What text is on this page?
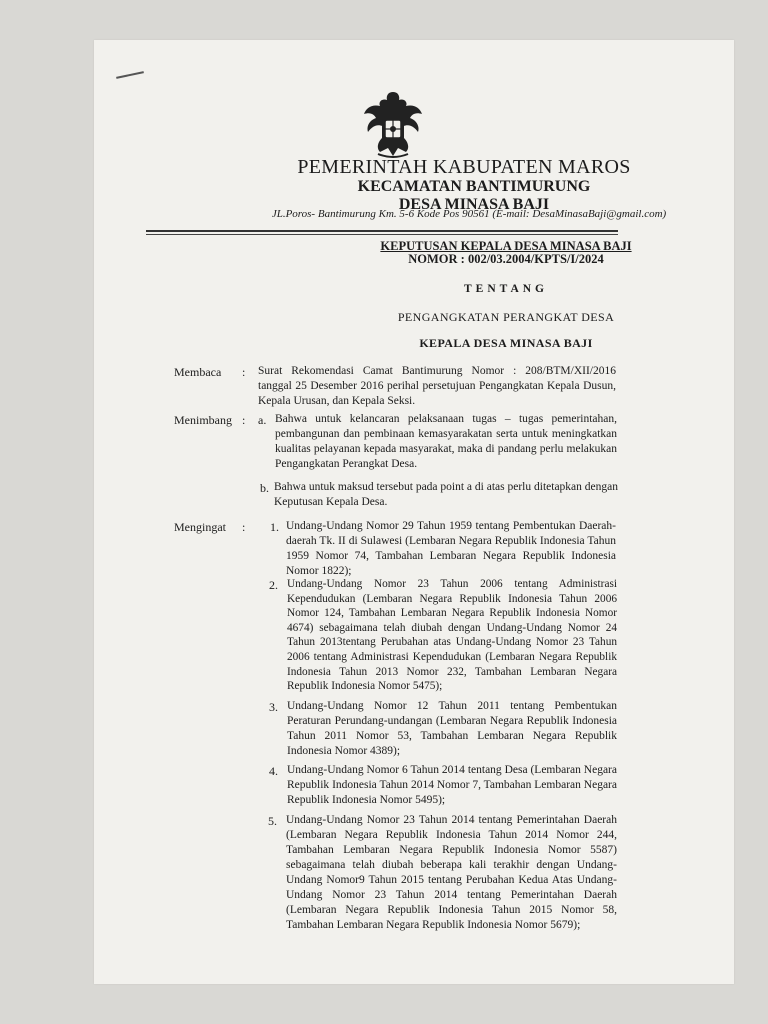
PEMERINTAH KABUPATEN MAROS
KECAMATAN BANTIMURUNG
DESA MINASA BAJI
JL.Poros- Bantimurung Km. 5-6 Kode Pos 90561 (E-mail: DesaMinasaBaji@gmail.com)
KEPUTUSAN KEPALA DESA MINASA BAJI
NOMOR : 002/03.2004/KPTS/I/2024
TENTANG
PENGANGKATAN PERANGKAT DESA
KEPALA DESA MINASA BAJI
Membaca : Surat Rekomendasi Camat Bantimurung Nomor : 208/BTM/XII/2016 tanggal 25 Desember 2016 perihal persetujuan Pengangkatan Kepala Dusun, Kepala Urusan, dan Kepala Seksi.
Menimbang : a. Bahwa untuk kelancaran pelaksanaan tugas – tugas pemerintahan, pembangunan dan pembinaan kemasyarakatan serta untuk meningkatkan kualitas pelayanan kepada masyarakat, maka di pandang perlu melakukan Pengangkatan Perangkat Desa.
b. Bahwa untuk maksud tersebut pada point a di atas perlu ditetapkan dengan Keputusan Kepala Desa.
Mengingat : 1. Undang-Undang Nomor 29 Tahun 1959 tentang Pembentukan Daerah-daerah Tk. II di Sulawesi (Lembaran Negara Republik Indonesia Tahun 1959 Nomor 74, Tambahan Lembaran Negara Republik Indonesia Nomor 1822);
2. Undang-Undang Nomor 23 Tahun 2006 tentang Administrasi Kependudukan (Lembaran Negara Republik Indonesia Tahun 2006 Nomor 124, Tambahan Lembaran Negara Republik Indonesia Nomor 4674) sebagaimana telah diubah dengan Undang-Undang Nomor 24 Tahun 2013tentang Perubahan atas Undang-Undang Nomor 23 Tahun 2006 tentang Administrasi Kependudukan (Lembaran Negara Republik Indonesia Tahun 2013 Nomor 232, Tambahan Lembaran Negara Republik Indonesia Nomor 5475);
3. Undang-Undang Nomor 12 Tahun 2011 tentang Pembentukan Peraturan Perundang-undangan (Lembaran Negara Republik Indonesia Tahun 2011 Nomor 53, Tambahan Lembaran Negara Republik Indonesia Nomor 4389);
4. Undang-Undang Nomor 6 Tahun 2014 tentang Desa (Lembaran Negara Republik Indonesia Tahun 2014 Nomor 7, Tambahan Lembaran Negara Republik Indonesia Nomor 5495);
5. Undang-Undang Nomor 23 Tahun 2014 tentang Pemerintahan Daerah (Lembaran Negara Republik Indonesia Tahun 2014 Nomor 244, Tambahan Lembaran Negara Republik Indonesia Nomor 5587) sebagaimana telah diubah beberapa kali terakhir dengan Undang-Undang Nomor9 Tahun 2015 tentang Perubahan Kedua Atas Undang-Undang Nomor 23 Tahun 2014 tentang Pemerintahan Daerah (Lembaran Negara Republik Indonesia Tahun 2015 Nomor 58, Tambahan Lembaran Negara Republik Indonesia Nomor 5679);
